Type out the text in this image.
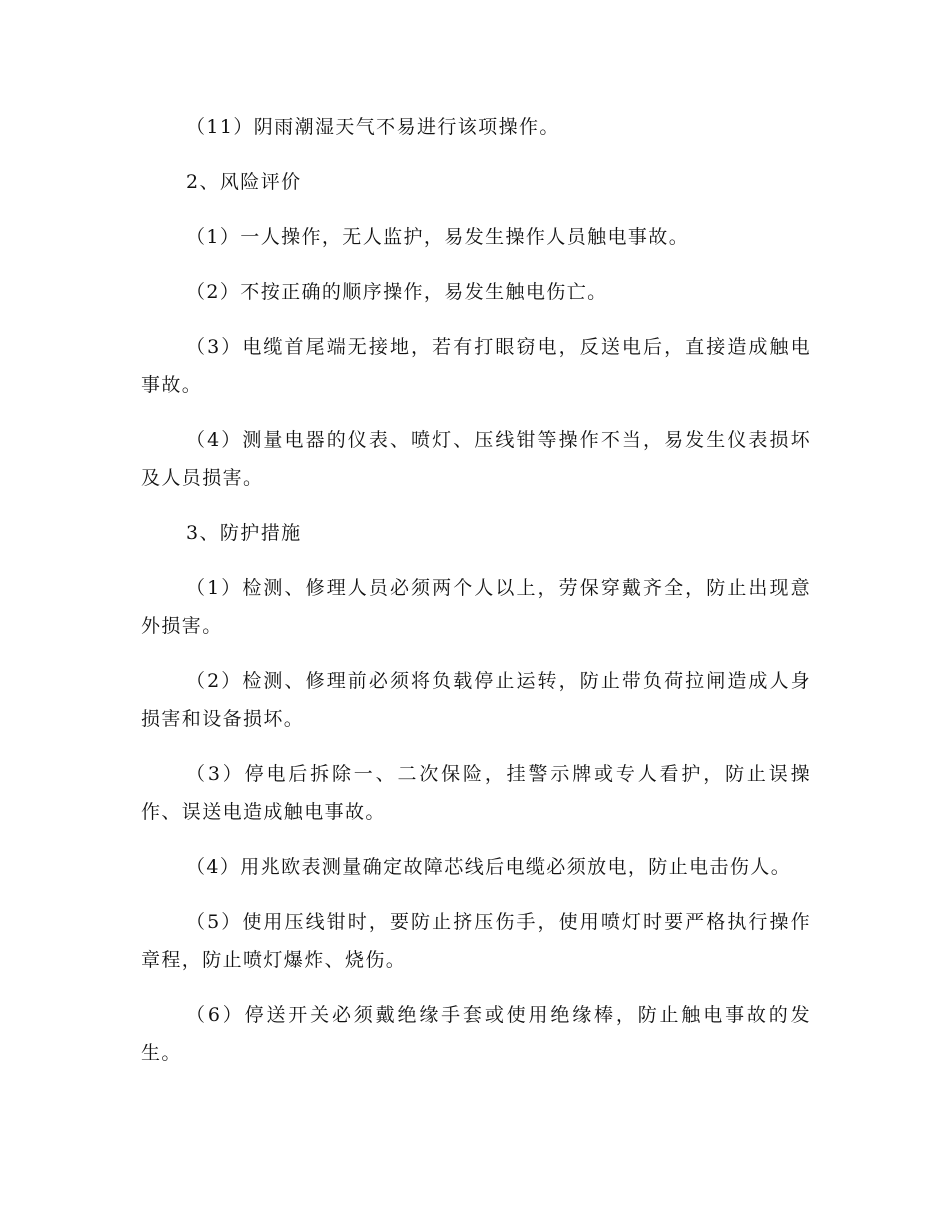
（11）阴雨潮湿天气不易进行该项操作。

2、风险评价

（1）一人操作，无人监护，易发生操作人员触电事故。

（2）不按正确的顺序操作，易发生触电伤亡。

（3）电缆首尾端无接地，若有打眼窃电，反送电后，直接造成触电事故。

（4）测量电器的仪表、喷灯、压线钳等操作不当，易发生仪表损坏及人员损害。

3、防护措施

（1）检测、修理人员必须两个人以上，劳保穿戴齐全，防止出现意外损害。

（2）检测、修理前必须将负载停止运转，防止带负荷拉闸造成人身损害和设备损坏。

（3）停电后拆除一、二次保险，挂警示牌或专人看护，防止误操作、误送电造成触电事故。

（4）用兆欧表测量确定故障芯线后电缆必须放电，防止电击伤人。

（5）使用压线钳时，要防止挤压伤手，使用喷灯时要严格执行操作章程，防止喷灯爆炸、烧伤。

（6）停送开关必须戴绝缘手套或使用绝缘棒，防止触电事故的发生。
